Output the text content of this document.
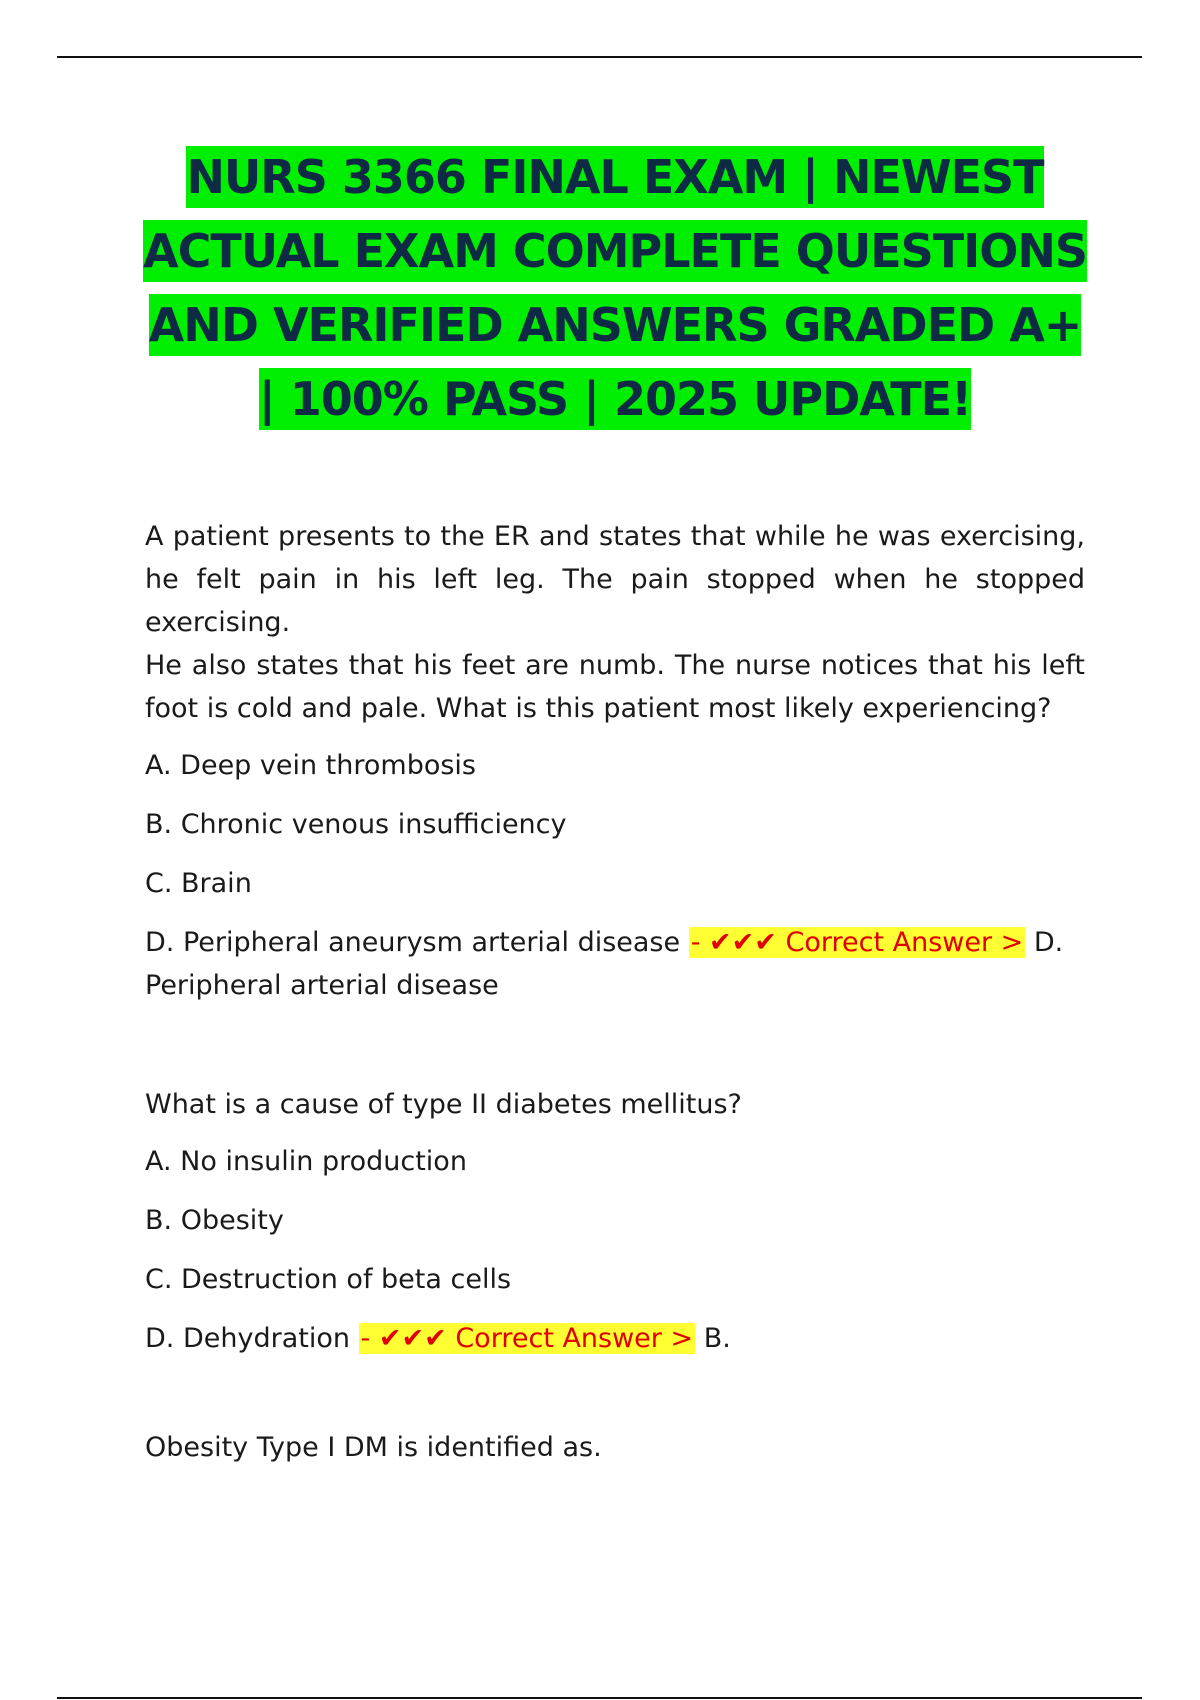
NURS 3366 FINAL EXAM | NEWEST
ACTUAL EXAM COMPLETE QUESTIONS
AND VERIFIED ANSWERS GRADED A+
| 100% PASS | 2025 UPDATE!

A patient presents to the ER and states that while he was exercising, he felt pain in his left leg. The pain stopped when he stopped exercising.

He also states that his feet are numb. The nurse notices that his left foot is cold and pale. What is this patient most likely experiencing?

A. Deep vein thrombosis

B. Chronic venous insufficiency

C. Brain

D. Peripheral aneurysm arterial disease - ✔✔✔ Correct Answer > D. Peripheral arterial disease

What is a cause of type II diabetes mellitus?

A. No insulin production

B. Obesity

C. Destruction of beta cells

D. Dehydration - ✔✔✔ Correct Answer > B.

Obesity Type I DM is identified as.
